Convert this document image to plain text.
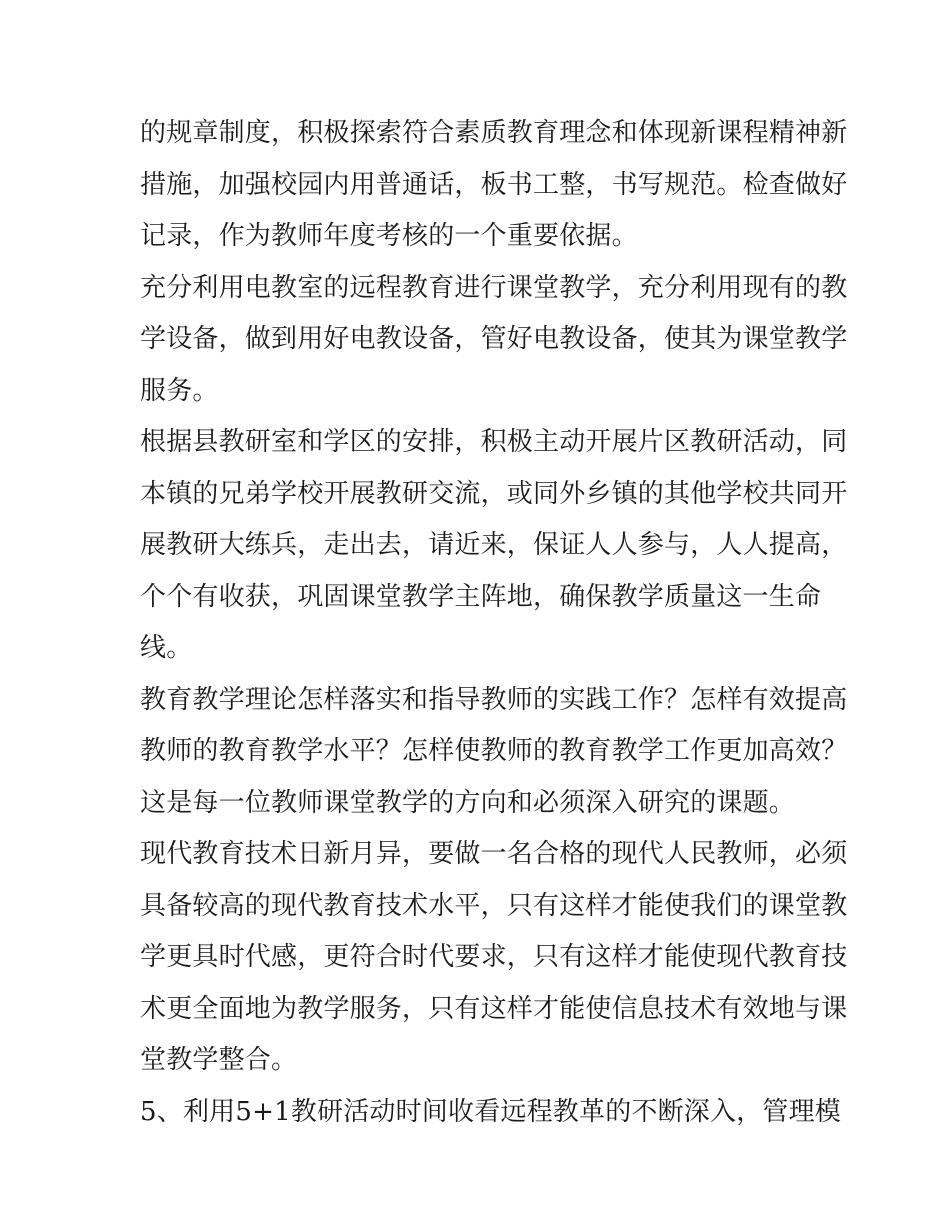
的规章制度，积极探索符合素质教育理念和体现新课程精神新
措施，加强校园内用普通话，板书工整，书写规范。检查做好
记录，作为教师年度考核的一个重要依据。
充分利用电教室的远程教育进行课堂教学，充分利用现有的教
学设备，做到用好电教设备，管好电教设备，使其为课堂教学
服务。
根据县教研室和学区的安排，积极主动开展片区教研活动，同
本镇的兄弟学校开展教研交流，或同外乡镇的其他学校共同开
展教研大练兵，走出去，请近来，保证人人参与，人人提高，
个个有收获，巩固课堂教学主阵地，确保教学质量这一生命
线。
教育教学理论怎样落实和指导教师的实践工作？怎样有效提高
教师的教育教学水平？怎样使教师的教育教学工作更加高效？
这是每一位教师课堂教学的方向和必须深入研究的课题。
现代教育技术日新月异，要做一名合格的现代人民教师，必须
具备较高的现代教育技术水平，只有这样才能使我们的课堂教
学更具时代感，更符合时代要求，只有这样才能使现代教育技
术更全面地为教学服务，只有这样才能使信息技术有效地与课
堂教学整合。
5、利用5+1教研活动时间收看远程教革的不断深入，管理模
